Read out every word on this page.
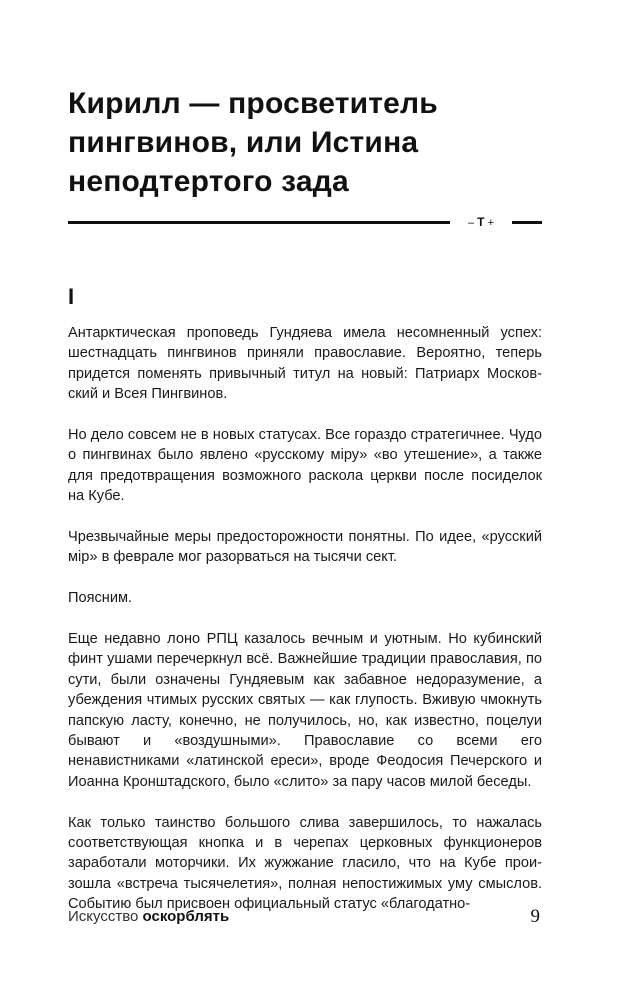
Кирилл — просветитель пингвинов, или Истина неподтертого зада
– Т +
I

Антарктическая проповедь Гундяева имела несомненный успех: шестнадцать пингвинов приняли православие. Вероятно, теперь придется поменять привычный титул на новый: Патриарх Московский и Всея Пингвинов.

Но дело совсем не в новых статусах. Все гораздо стратегичнее. Чудо о пингвинах было явлено «русскому мiру» «во утешение», а также для предотвращения возможного раскола церкви после посиделок на Кубе.

Чрезвычайные меры предосторожности понятны. По идее, «русский мiр» в феврале мог разорваться на тысячи сект.

Поясним.

Еще недавно лоно РПЦ казалось вечным и уютным. Но кубинский финт ушами перечеркнул всё. Важнейшие традиции православия, по сути, были означены Гундяевым как забавное недоразумение, а убеждения чтимых русских святых — как глупость. Вживую чмокнуть папскую ласту, конечно, не получилось, но, как известно, поцелуи бывают и «воздушными». Православие со всеми его ненавистниками «латинской ереси», вроде Феодосия Печерского и Иоанна Кронштадского, было «слито» за пару часов милой беседы.

Как только таинство большого слива завершилось, то нажалась соответствующая кнопка и в черепах церковных функционеров заработали моторчики. Их жужжание гласило, что на Кубе произошла «встреча тысячелетия», полная непостижимых уму смыслов. Событию был присвоен официальный статус «благодатно-

Искусство оскорблять	9
